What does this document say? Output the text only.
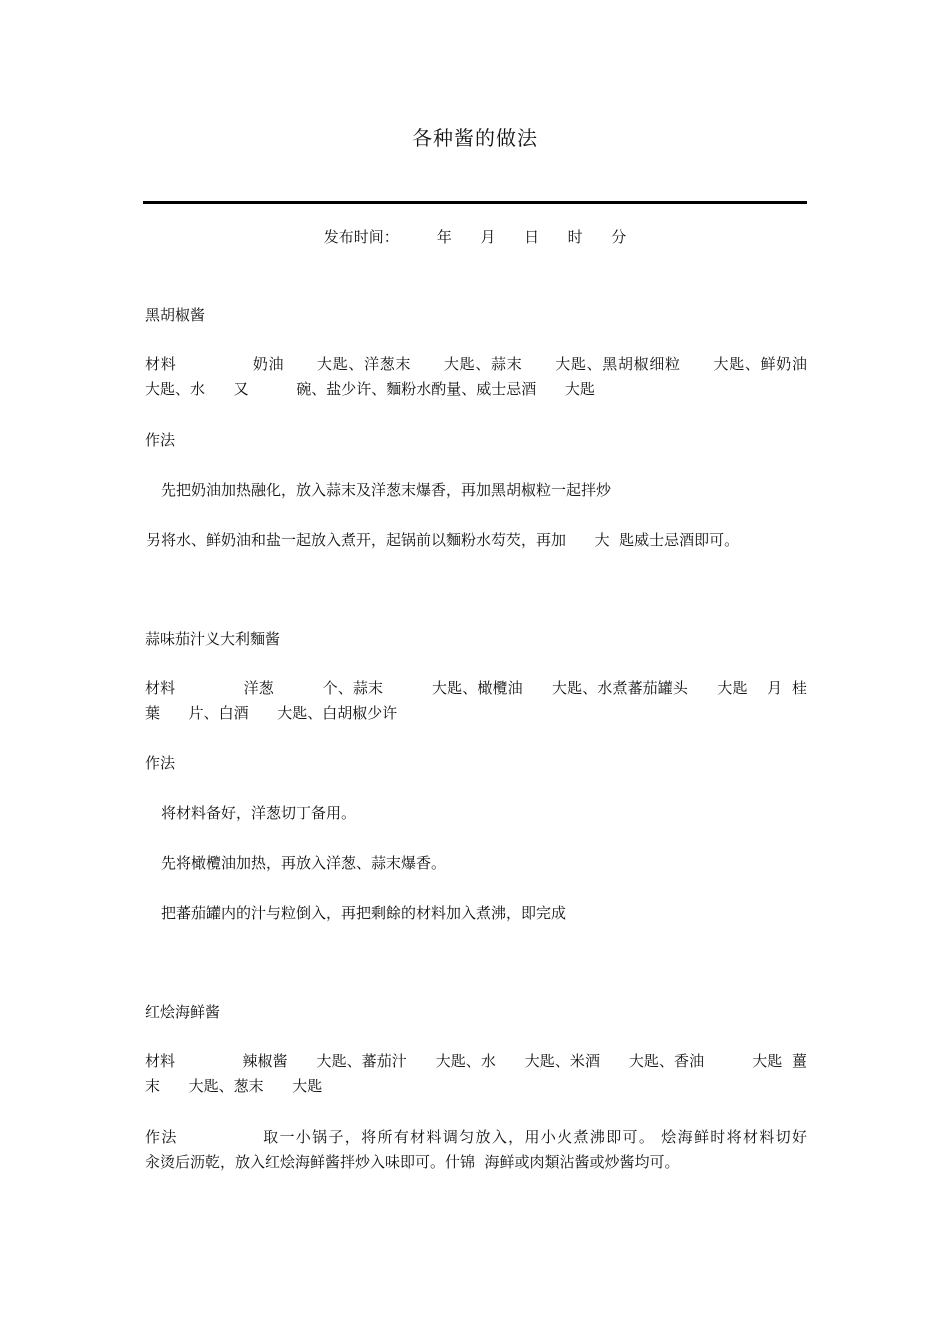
各种酱的做法
发布时间：        年      月      日      时      分
黑胡椒酱
材料              奶油      大匙、洋葱末      大匙、蒜末      大匙、黑胡椒细粒      大匙、鲜奶油
大匙、水      又          碗、盐少许、麵粉水酌量、威士忌酒      大匙
作法
先把奶油加热融化，放入蒜末及洋葱末爆香，再加黑胡椒粒一起拌炒
另将水、鲜奶油和盐一起放入煮开，起锅前以麵粉水芶芡，再加      大  匙威士忌酒即可。
蒜味茄汁义大利麵酱
材料              洋葱          个、蒜末          大匙、橄欖油      大匙、水煮蕃茄罐头      大匙    月  桂
葉      片、白酒      大匙、白胡椒少许
作法
将材料备好，洋葱切丁备用。
先将橄欖油加热，再放入洋葱、蒜末爆香。
把蕃茄罐内的汁与粒倒入，再把剩餘的材料加入煮沸，即完成
红烩海鲜酱
材料              辣椒酱      大匙、蕃茄汁      大匙、水      大匙、米酒      大匙、香油          大匙  薑
末      大匙、葱末      大匙
作法              取一小锅子，将所有材料调匀放入，用小火煮沸即可。 烩海鲜时将材料切好
汆烫后沥乾，放入红烩海鲜酱拌炒入味即可。什锦  海鲜或肉類沾酱或炒酱均可。
